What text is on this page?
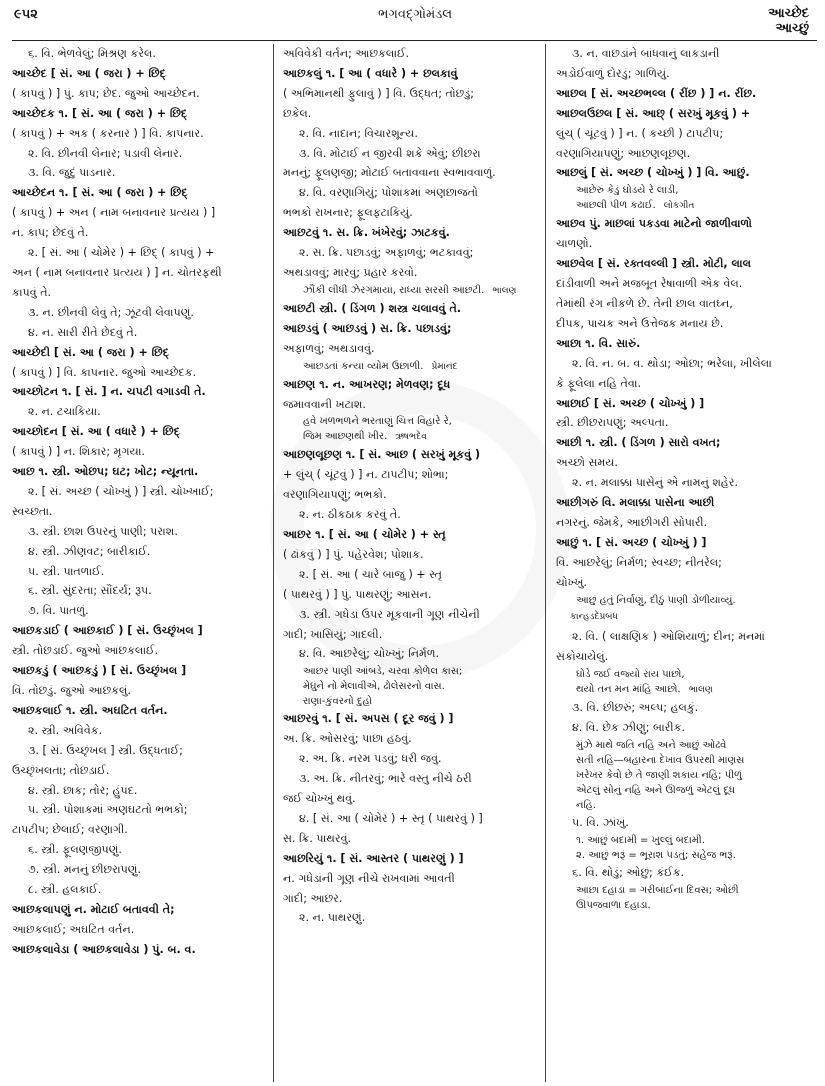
૯૫૨	ભગવદ્ગોમંડલ	આચ્છેદ
આચ્છું
૬. વિ. ભેળવેલું; મિશ્રણ કરેલ.
આચ્છેદ [ સં. આ ( જરા ) + છિદ્
( કાપવું ) ] પું. કાપ; છેદ. જુઓ આચ્છેદન.
આચ્છેદક ૧. [ સં. આ ( જરા ) + છિદ્
( કાપવું ) + અક ( કરનાર ) ] વિ. કાપનાર.
૨. વિ. છીનવી લેનાર; પડાવી લેનાર.
૩. વિ. જુદું પાડનાર.
આચ્છેદન ૧. [ સં. આ ( જરા ) + છિદ્
( કાપવું ) + અન ( નામ બનાવનાર પ્રત્યય ) ]
ન. કાપ; છેદવું તે.
૨. [ સં. આ ( ચોમેર ) + છિદ્ ( કાપવું ) +
અન ( નામ બનાવનાર પ્રત્યય ) ] ન. ચોતરફથી
કાપવું તે.
૩. ન. છીનવી લેવું તે; ઝૂંટવી લેવાપણું.
૪. ન. સારી રીતે છેદવું તે.
આચ્છેદી [ સં. આ ( જરા ) + છિદ્
( કાપવું ) ] વિ. કાપનાર. જુઓ આચ્છેદક.
આચ્છોટન ૧. [ સં. ] ન. ચપટી વગાડવી તે.
૨. ન. ટચાકિયા.
આચ્છોદન [ સં. આ ( વધારે ) + છિદ્
( કાપવું ) ] ન. શિકાર; મૃગયા.
આછ ૧. સ્ત્રી. ઓછપ; ઘટ; ખોટ; ન્યૂનતા.
૨. [ સં. અચ્છ ( ચોખ્ખું ) ] સ્ત્રી. ચોખ્ખાઈ;
સ્વચ્છતા.
૩. સ્ત્રી. છાશ ઉપરનું પાણી; પરાશ.
૪. સ્ત્રી. ઝીણવટ; બારીકાઈ.
૫. સ્ત્રી. પાતળાઈ.
૬. સ્ત્રી. સુંદરતા; સૌંદર્ય; રૂપ.
૭. વિ. પાતળું.
આછકડાઈ ( આછકાઈ ) [ સં. ઉચ્છૃંખલ ]
સ્ત્રી. તોછડાઈ. જુઓ આછકલાઈ.
આછકડું ( આછકડું ) [ સં. ઉચ્છૃંખલ ]
વિ. તોછડું. જુઓ આછકલું.
આછકલાઈ ૧. સ્ત્રી. અઘટિત વર્તન.
૨. સ્ત્રી. અવિવેક.
૩. [ સં. ઉચ્છૃંખલ ] સ્ત્રી. ઉદ્ધતાઈ;
ઉચ્છૃંખલતા; તોછડાઈ.
૪. સ્ત્રી. છાક; તોર; હુંપદ.
૫. સ્ત્રી. પોશાકમાં અણઘટતો ભભકો;
ટાપટીપ; છેલાઈ; વરણાગી.
૬. સ્ત્રી. ફૂલણજીપણું.
૭. સ્ત્રી. મનનું છીછરાપણું.
૮. સ્ત્રી. હલકાઈ.
આછકલાપણું ન. મોટાઈ બતાવવી તે;
આછકલાઈ; અઘટિત વર્તન.
આછકલાવેડા ( આછકલાવેડા ) પું. બ. વ.
અવિવેકી વર્તન; આછકલાઈ.
આછકલું ૧. [ આ ( વધારે ) + છલકાવું
( અભિમાનથી ફુલાવું ) ] વિ. ઉદ્ધત; તોછડું;
છકેલ.
૨. વિ. નાદાન; વિચારશૂન્ય.
૩. વિ. મોટાઈ ન જીરવી શકે એવું; છીછરા
મનનું; ફૂલણજી; મોટાઈ બતાવવાના સ્વભાવવાળું.
૪. વિ. વરણાગિયું; પોશાકમાં અણછાજતો
ભભકો રાખનાર; ફૂલફટાકિયું.
આછટવું ૧. સ. ક્રિ. ખંખેરવું; ઝાટકવું.
૨. સ. ક્રિ. પછાડવું; અફાળવું; ભટકાવવું;
અથડાવવું; મારવું; પ્રહાર કરવો.
ઝૌંકી લીધી ઝેરગમાયા, રાધ્યા સરસી આછટી. ભાલણ
આછટી સ્ત્રી. ( ડિંગળ ) શસ્ત્ર ચલાવવું તે.
આછડવું ( આછડવું ) સ. ક્રિ. પછાડવું;
અફાળવું; અથડાવવું.
આછડતાં કન્યા વ્યોમ ઉછાળી. પ્રેમાનંદ
આછણ ૧. ન. આખરણ; મેળવણ; દૂધ
જમાવવાની ખટાશ.
હવે ખળભળને ભરતાણું ચિત્ત વિહારે રે,
જિમ આછણથી ખીર. ઋષભદેવ
આછણલૂછણ ૧. [ સં. આછ ( સરખું મૂકવું )
+ લુંચ્ ( ચૂંટવું ) ] ન. ટાપટીપ; શોભા;
વરણાગિયાપણું; ભભકો.
૨. ન. ઠીકઠાક કરવું તે.
આછર ૧. [ સં. આ ( ચોમેર ) + સ્તૃ
( ઢાંકવું ) ] પું. પહેરવેશ; પોશાક.
૨. [ સં. આ ( ચારે બાજુ ) + સ્તૃ
( પાથરવું ) ] પું. પાથરણું; આસન.
૩. સ્ત્રી. ગધેડાં ઉપર મૂકવાની ગૂણ નીચેની
ગાદી; ખાસિયું; ગાદલી.
૪. વિ. આછરેલું; ચોખ્ખું; નિર્મળ.
આછર પાણી આંબડે, ચરવા કોળેલ કાસ;
મેઘુંને નો મેલાવીએ, ઢોલેસરનો વાસ.
રાણા-કુંવરનો દુહો
આછરવું ૧. [ સં. અપસ ( દૂર જવું ) ]
અ. ક્રિ. ઓસરવું; પાછા હઠવું.
૨. અ. ક્રિ. નરમ પડવું; ધરી જવું.
૩. અ. ક્રિ. નીતરવું; ભારે વસ્તુ નીચે ઠરી
જઈ ચોખ્ખું થવું.
૪. [ સં. આ ( ચોમેર ) + સ્તૃ ( પાથરવું ) ]
સ. ક્રિ. પાથરવું.
આછરિયું ૧. [ સં. આસ્તર ( પાથરણું ) ]
ન. ગધેડાંની ગૂણ નીચે રાખવામાં આવતી
ગાદી; આછર.
૨. ન. પાથરણું.
૩. ન. વાછડાંને બાંધવાનું લાકડાની
અડોઈવાળું દોરડું; ગાળિયું.
આછલ [ સં. અચ્છભલ્લ ( રીંછ ) ] ન. રીંછ.
આછલઉછલ [ સં. આછ્ ( સરખું મૂકવું ) +
લુંચ્ ( ચૂંટવું ) ] ન. ( કચ્છી ) ટાપટીપ;
વરણાગિયાપણું; આછણલૂછણ.
આછલું [ સં. અચ્છ ( ચોખ્ખું ) ] વિ. આછું.
આછેરું કેડું ઘોડયે રે લાડી,
આછલી પીળ કઢાઈ. લોકગીત
આછવ પું. માછલાં પકડવા માટેનો જાળીવાળો
ચાળણો.
આછવેલ [ સં. રક્તવલ્લી ] સ્ત્રી. મોટી, લાલ
દાંડીવાળી અને મજબૂત રેષાવાળી એક વેલ.
તેમાંથી રંગ નીકળે છે. તેની છાલ વાતઘ્ન,
દીપક, પાચક અને ઉત્તેજક મનાય છે.
આછા ૧. વિ. સારું.
૨. વિ. ન. બ. વ. થોડા; ઓછા; ભરેલા, ખીલેલા
કે ફૂલેલા નહિ તેવા.
આછાઈ [ સં. અચ્છ ( ચોખ્ખું ) ]
સ્ત્રી. છીછરાપણું; અલ્પતા.
આછી ૧. સ્ત્રી. ( ડિંગળ ) સારો વખત;
અચ્છો સમય.
૨. ન. મલાક્કા પાસેનું એ નામનું શહેર.
આછીગરું વિ. મલાક્કા પાસેના આછી
નગરનું. જેમકે, આછીગરી સોપારી.
આછું ૧. [ સં. અચ્છ ( ચોખ્ખું ) ]
વિ. આછરેલું; નિર્મળ; સ્વચ્છ; નીતરેલ;
ચોખ્ખું.
આછું હતું નિર્વાણું, દીઠું પાણી ડોળીયાવ્યું.
કાન્હડદેપ્રબંધ
૨. વિ. ( લાક્ષણિક ) ઓશિયાળું; દીન; મનમાં
સંકોચાયેલું.
ઘોડે જઈ વજ્યો રાય પાછો,
થયો તન મન માંહિ આછો. ભાલણ
૩. વિ. છીછરું; અલ્પ; હલકું.
૪. વિ. છેક ઝીણું; બારીક.
મુંઝે માથે જતિ નહિ અને આછું ઓઢવે
સતી નહિ—બહારના દેખાવ ઉપરથી માણસ
ખરેખર કેવો છે તે જાણી શકાય નહિ; પીળું
એટલું સોનું નહિ અને ઊજળું એટલું દૂધ
નહિ.
૫. વિ. ઝાંખું.
૧. આછું બદામી = ખુલ્લું બદામી.
૨. આછું ભરૂં = ભૂરાશ પડતું; સહેજ ભરૂં.
૬. વિ. થોડું; ઓછું; કંઈક.
આછા દહાડા = ગરીબાઈના દિવસ; ઓછી
ઊપજવાળા દહાડા.
